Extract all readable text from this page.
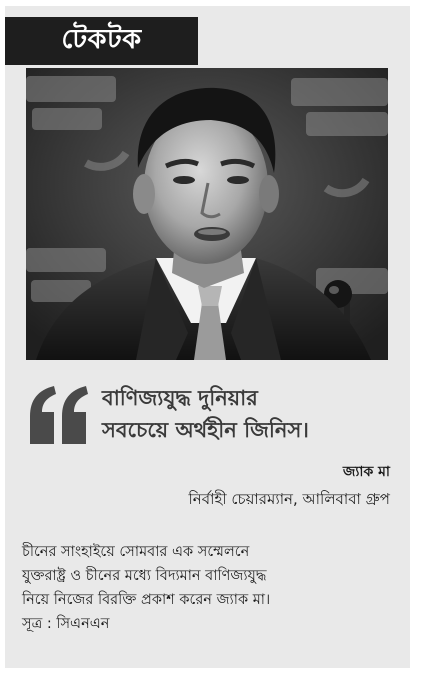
টেকটক
বাণিজ্যযুদ্ধ দুনিয়ার
সবচেয়ে অর্থহীন জিনিস।
জ্যাক মা
নির্বাহী চেয়ারম্যান, আলিবাবা গ্রুপ
চীনের সাংহাইয়ে সোমবার এক সম্মেলনে
যুক্তরাষ্ট্র ও চীনের মধ্যে বিদ্যমান বাণিজ্যযুদ্ধ
নিয়ে নিজের বিরক্তি প্রকাশ করেন জ্যাক মা।
সূত্র : সিএনএন
